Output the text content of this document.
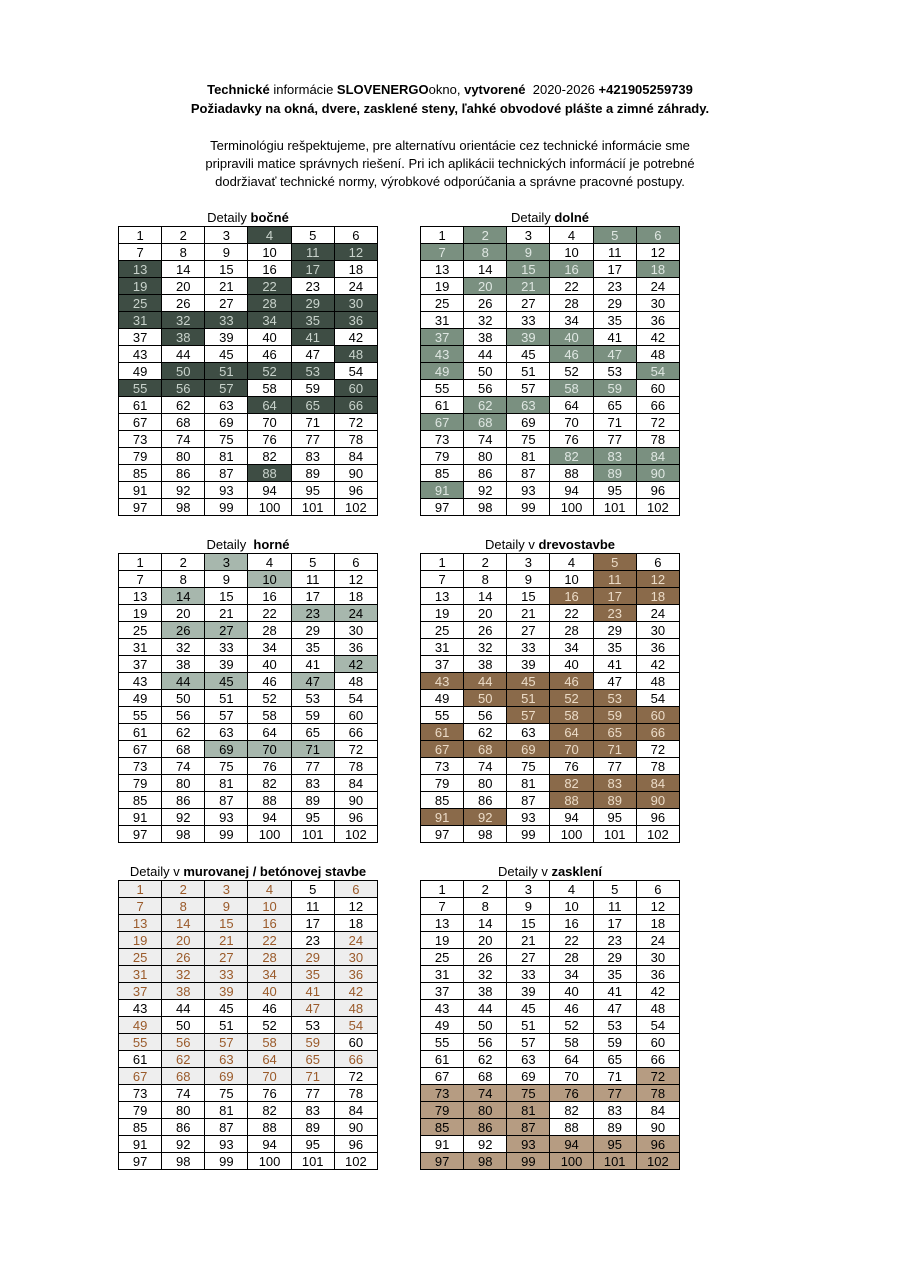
Technické informácie SLOVENERGOokno, vytvorené  2020-2026 +421905259739
Požiadavky na okná, dvere, zasklené steny, ľahké obvodové plášte a zimné záhrady.
Terminológiu rešpektujeme, pre alternatívu orientácie cez technické informácie sme
pripravili matice správnych riešení. Pri ich aplikácii technických informácií je potrebné
dodržiavať technické normy, výrobkové odporúčania a správne pracovné postupy.
Detaily bočné
1	2	3	4	5	6
7	8	9	10	11	12
13	14	15	16	17	18
19	20	21	22	23	24
25	26	27	28	29	30
31	32	33	34	35	36
37	38	39	40	41	42
43	44	45	46	47	48
49	50	51	52	53	54
55	56	57	58	59	60
61	62	63	64	65	66
67	68	69	70	71	72
73	74	75	76	77	78
79	80	81	82	83	84
85	86	87	88	89	90
91	92	93	94	95	96
97	98	99	100	101	102
Detaily dolné
1	2	3	4	5	6
7	8	9	10	11	12
13	14	15	16	17	18
19	20	21	22	23	24
25	26	27	28	29	30
31	32	33	34	35	36
37	38	39	40	41	42
43	44	45	46	47	48
49	50	51	52	53	54
55	56	57	58	59	60
61	62	63	64	65	66
67	68	69	70	71	72
73	74	75	76	77	78
79	80	81	82	83	84
85	86	87	88	89	90
91	92	93	94	95	96
97	98	99	100	101	102
Detaily  horné
1	2	3	4	5	6
7	8	9	10	11	12
13	14	15	16	17	18
19	20	21	22	23	24
25	26	27	28	29	30
31	32	33	34	35	36
37	38	39	40	41	42
43	44	45	46	47	48
49	50	51	52	53	54
55	56	57	58	59	60
61	62	63	64	65	66
67	68	69	70	71	72
73	74	75	76	77	78
79	80	81	82	83	84
85	86	87	88	89	90
91	92	93	94	95	96
97	98	99	100	101	102
Detaily v drevostavbe
1	2	3	4	5	6
7	8	9	10	11	12
13	14	15	16	17	18
19	20	21	22	23	24
25	26	27	28	29	30
31	32	33	34	35	36
37	38	39	40	41	42
43	44	45	46	47	48
49	50	51	52	53	54
55	56	57	58	59	60
61	62	63	64	65	66
67	68	69	70	71	72
73	74	75	76	77	78
79	80	81	82	83	84
85	86	87	88	89	90
91	92	93	94	95	96
97	98	99	100	101	102
Detaily v murovanej / betónovej stavbe
1	2	3	4	5	6
7	8	9	10	11	12
13	14	15	16	17	18
19	20	21	22	23	24
25	26	27	28	29	30
31	32	33	34	35	36
37	38	39	40	41	42
43	44	45	46	47	48
49	50	51	52	53	54
55	56	57	58	59	60
61	62	63	64	65	66
67	68	69	70	71	72
73	74	75	76	77	78
79	80	81	82	83	84
85	86	87	88	89	90
91	92	93	94	95	96
97	98	99	100	101	102
Detaily v zasklení
1	2	3	4	5	6
7	8	9	10	11	12
13	14	15	16	17	18
19	20	21	22	23	24
25	26	27	28	29	30
31	32	33	34	35	36
37	38	39	40	41	42
43	44	45	46	47	48
49	50	51	52	53	54
55	56	57	58	59	60
61	62	63	64	65	66
67	68	69	70	71	72
73	74	75	76	77	78
79	80	81	82	83	84
85	86	87	88	89	90
91	92	93	94	95	96
97	98	99	100	101	102
